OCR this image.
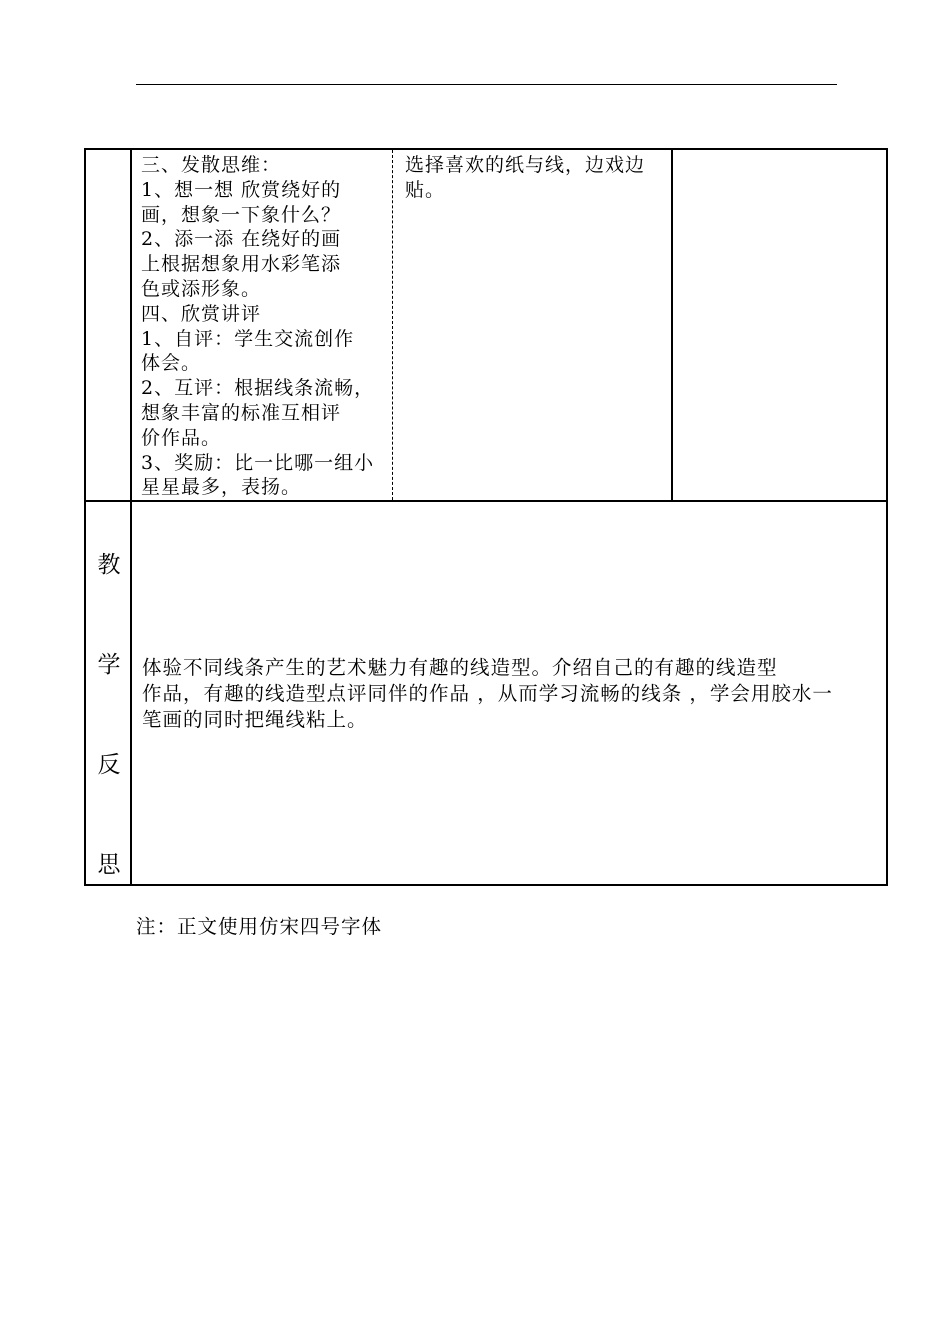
三、发散思维：
1、想一想 欣赏绕好的
画，想象一下象什么？
2、添一添 在绕好的画
上根据想象用水彩笔添
色或添形象。
四、欣赏讲评
1、自评：学生交流创作
体会。
2、互评：根据线条流畅，
想象丰富的标准互相评
价作品。
3、奖励：比一比哪一组小
星星最多，表扬。
选择喜欢的纸与线，边戏边
贴。
教
学
反
思
体验不同线条产生的艺术魅力有趣的线造型。介绍自己的有趣的线造型
作品，有趣的线造型点评同伴的作品 ，从而学习流畅的线条 ，学会用胶水一
笔画的同时把绳线粘上。
注：正文使用仿宋四号字体
